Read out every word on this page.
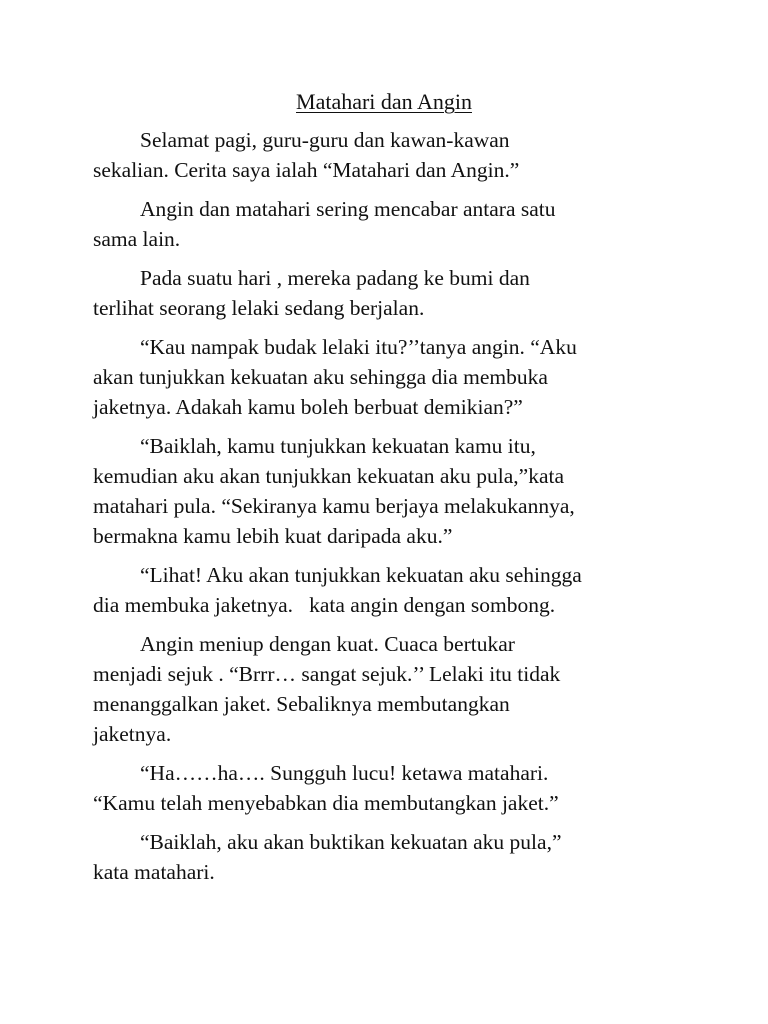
Matahari dan Angin

Selamat pagi, guru-guru dan kawan-kawan
sekalian. Cerita saya ialah “Matahari dan Angin.”

Angin dan matahari sering mencabar antara satu
sama lain.

Pada suatu hari , mereka padang ke bumi dan
terlihat seorang lelaki sedang berjalan.

“Kau nampak budak lelaki itu?’’tanya angin. “Aku
akan tunjukkan kekuatan aku sehingga dia membuka
jaketnya. Adakah kamu boleh berbuat demikian?”

“Baiklah, kamu tunjukkan kekuatan kamu itu,
kemudian aku akan tunjukkan kekuatan aku pula,”kata
matahari pula. “Sekiranya kamu berjaya melakukannya,
bermakna kamu lebih kuat daripada aku.”

“Lihat! Aku akan tunjukkan kekuatan aku sehingga
dia membuka jaketnya.   kata angin dengan sombong.

Angin meniup dengan kuat. Cuaca bertukar
menjadi sejuk . “Brrr… sangat sejuk.’’ Lelaki itu tidak
menanggalkan jaket. Sebaliknya membutangkan
jaketnya.

“Ha……ha…. Sungguh lucu! ketawa matahari.
“Kamu telah menyebabkan dia membutangkan jaket.”

“Baiklah, aku akan buktikan kekuatan aku pula,”
kata matahari.
